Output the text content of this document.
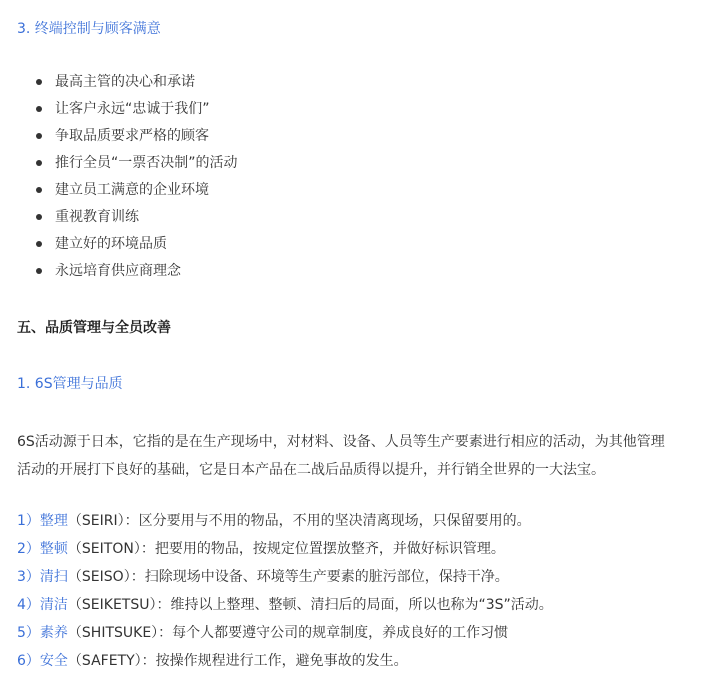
3. 终端控制与顾客满意
最高主管的决心和承诺
让客户永远“忠诚于我们”
争取品质要求严格的顾客
推行全员“一票否决制”的活动
建立员工满意的企业环境
重视教育训练
建立好的环境品质
永远培育供应商理念
五、品质管理与全员改善
1. 6S管理与品质
6S活动源于日本，它指的是在生产现场中，对材料、设备、人员等生产要素进行相应的活动，为其他管理
活动的开展打下良好的基础，它是日本产品在二战后品质得以提升，并行销全世界的一大法宝。
1）整理（SEIRI）：区分要用与不用的物品，不用的坚决清离现场，只保留要用的。
2）整顿（SEITON）：把要用的物品，按规定位置摆放整齐，并做好标识管理。
3）清扫（SEISO）：扫除现场中设备、环境等生产要素的脏污部位，保持干净。
4）清洁（SEIKETSU）：维持以上整理、整顿、清扫后的局面，所以也称为“3S”活动。
5）素养（SHITSUKE）：每个人都要遵守公司的规章制度，养成良好的工作习惯
6）安全（SAFETY）：按操作规程进行工作，避免事故的发生。
